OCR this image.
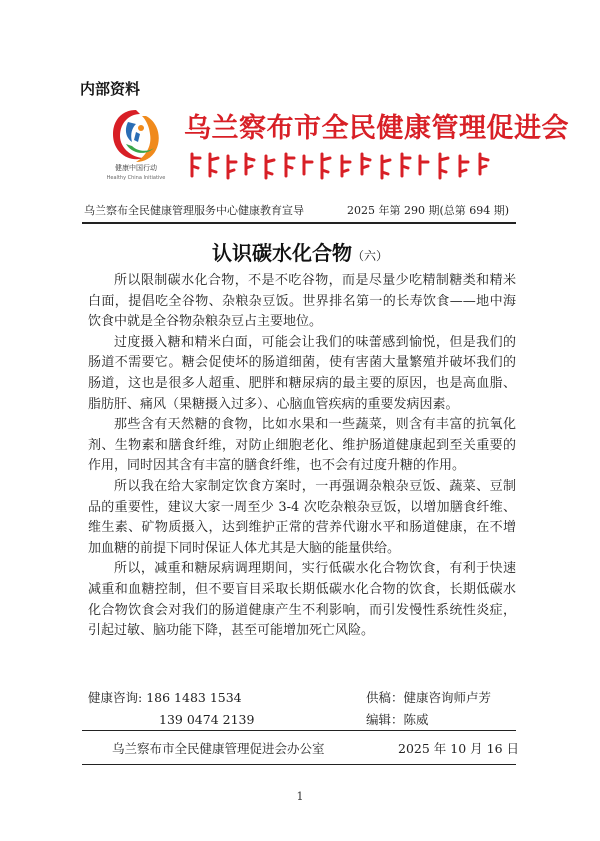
内部资料
健康中国行动
Healthy China Initiative
乌兰察布市全民健康管理促进会
乌兰察布全民健康管理服务中心健康教育宣导	2025 年第 290 期(总第 694 期)
认识碳水化合物（六）

所以限制碳水化合物，不是不吃谷物，而是尽量少吃精制糖类和精米白面，提倡吃全谷物、杂粮杂豆饭。世界排名第一的长寿饮食——地中海饮食中就是全谷物杂粮杂豆占主要地位。

过度摄入糖和精米白面，可能会让我们的味蕾感到愉悦，但是我们的肠道不需要它。糖会促使坏的肠道细菌，使有害菌大量繁殖并破坏我们的肠道，这也是很多人超重、肥胖和糖尿病的最主要的原因，也是高血脂、脂肪肝、痛风（果糖摄入过多）、心脑血管疾病的重要发病因素。

那些含有天然糖的食物，比如水果和一些蔬菜，则含有丰富的抗氧化剂、生物素和膳食纤维，对防止细胞老化、维护肠道健康起到至关重要的作用，同时因其含有丰富的膳食纤维，也不会有过度升糖的作用。

所以我在给大家制定饮食方案时，一再强调杂粮杂豆饭、蔬菜、豆制品的重要性，建议大家一周至少 3-4 次吃杂粮杂豆饭，以增加膳食纤维、维生素、矿物质摄入，达到维护正常的营养代谢水平和肠道健康，在不增加血糖的前提下同时保证人体尤其是大脑的能量供给。

所以，减重和糖尿病调理期间，实行低碳水化合物饮食，有利于快速减重和血糖控制，但不要盲目采取长期低碳水化合物的饮食，长期低碳水化合物饮食会对我们的肠道健康产生不利影响，而引发慢性系统性炎症，引起过敏、脑功能下降，甚至可能增加死亡风险。

健康咨询: 186 1483 1534
139 0474 2139
供稿：健康咨询师卢芳
编辑：陈威
乌兰察布市全民健康管理促进会办公室	2025 年 10 月 16 日
1
